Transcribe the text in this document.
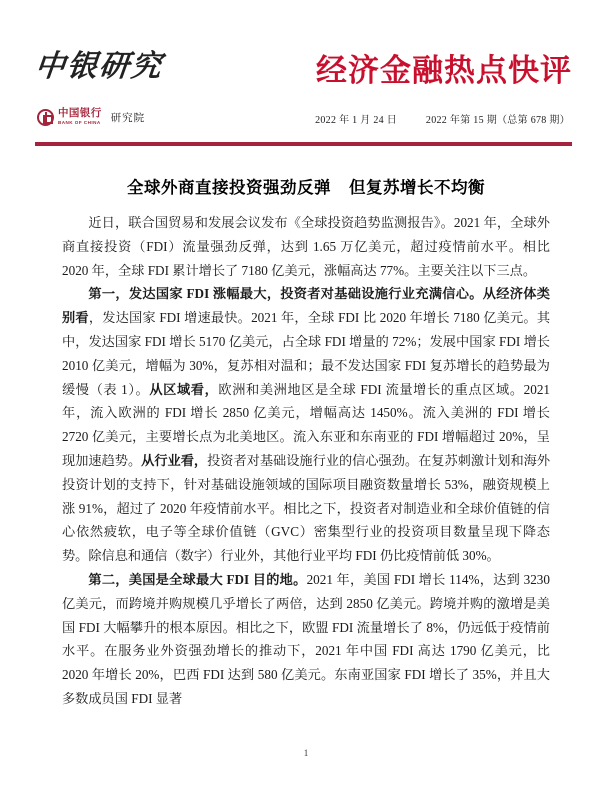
中银研究
中国银行
BANK OF CHINA 研究院
经济金融热点快评
2022 年 1 月 24 日	2022 年第 15 期（总第 678 期）
全球外商直接投资强劲反弹 但复苏增长不均衡

近日，联合国贸易和发展会议发布《全球投资趋势监测报告》。2021 年，全球外商直接投资（FDI）流量强劲反弹，达到 1.65 万亿美元，超过疫情前水平。相比 2020 年，全球 FDI 累计增长了 7180 亿美元，涨幅高达 77%。主要关注以下三点。

第一，发达国家 FDI 涨幅最大，投资者对基础设施行业充满信心。从经济体类别看，发达国家 FDI 增速最快。2021 年，全球 FDI 比 2020 年增长 7180 亿美元。其中，发达国家 FDI 增长 5170 亿美元，占全球 FDI 增量的 72%；发展中国家 FDI 增长 2010 亿美元，增幅为 30%，复苏相对温和；最不发达国家 FDI 复苏增长的趋势最为缓慢（表 1）。从区域看，欧洲和美洲地区是全球 FDI 流量增长的重点区域。2021 年，流入欧洲的 FDI 增长 2850 亿美元，增幅高达 1450%。流入美洲的 FDI 增长 2720 亿美元，主要增长点为北美地区。流入东亚和东南亚的 FDI 增幅超过 20%，呈现加速趋势。从行业看，投资者对基础设施行业的信心强劲。在复苏刺激计划和海外投资计划的支持下，针对基础设施领域的国际项目融资数量增长 53%，融资规模上涨 91%，超过了 2020 年疫情前水平。相比之下，投资者对制造业和全球价值链的信心依然疲软，电子等全球价值链（GVC）密集型行业的投资项目数量呈现下降态势。除信息和通信（数字）行业外，其他行业平均 FDI 仍比疫情前低 30%。

第二，美国是全球最大 FDI 目的地。2021 年，美国 FDI 增长 114%，达到 3230 亿美元，而跨境并购规模几乎增长了两倍，达到 2850 亿美元。跨境并购的激增是美国 FDI 大幅攀升的根本原因。相比之下，欧盟 FDI 流量增长了 8%，仍远低于疫情前水平。在服务业外资强劲增长的推动下，2021 年中国 FDI 高达 1790 亿美元，比 2020 年增长 20%，巴西 FDI 达到 580 亿美元。东南亚国家 FDI 增长了 35%，并且大多数成员国 FDI 显著

1
